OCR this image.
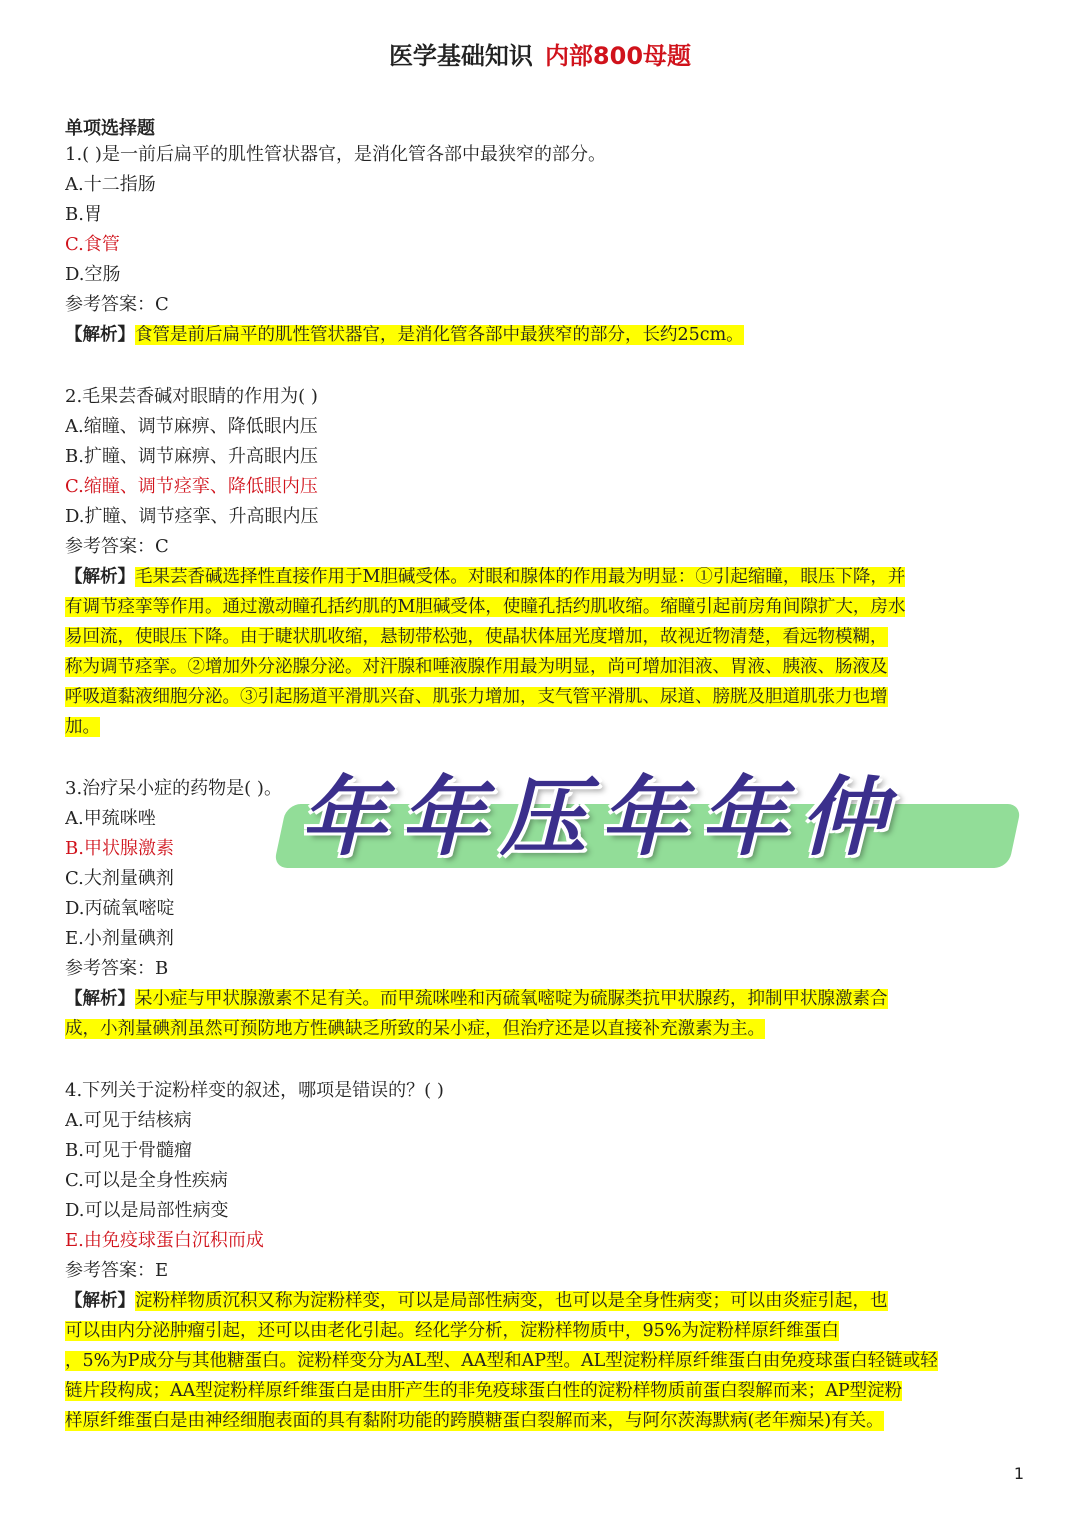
医学基础知识 内部800母题
单项选择题
1.( )是一前后扁平的肌性管状器官，是消化管各部中最狭窄的部分。
A.十二指肠
B.胃
C.食管
D.空肠
参考答案：C
【解析】食管是前后扁平的肌性管状器官，是消化管各部中最狭窄的部分，长约25cm。
2.毛果芸香碱对眼睛的作用为( )
A.缩瞳、调节麻痹、降低眼内压
B.扩瞳、调节麻痹、升高眼内压
C.缩瞳、调节痉挛、降低眼内压
D.扩瞳、调节痉挛、升高眼内压
参考答案：C
【解析】毛果芸香碱选择性直接作用于M胆碱受体。对眼和腺体的作用最为明显：①引起缩瞳，眼压下降，并
有调节痉挛等作用。通过激动瞳孔括约肌的M胆碱受体，使瞳孔括约肌收缩。缩瞳引起前房角间隙扩大，房水
易回流，使眼压下降。由于睫状肌收缩，悬韧带松弛，使晶状体屈光度增加，故视近物清楚，看远物模糊，
称为调节痉挛。②增加外分泌腺分泌。对汗腺和唾液腺作用最为明显，尚可增加泪液、胃液、胰液、肠液及
呼吸道黏液细胞分泌。③引起肠道平滑肌兴奋、肌张力增加，支气管平滑肌、尿道、膀胱及胆道肌张力也增
加。
3.治疗呆小症的药物是( )。
A.甲巯咪唑
B.甲状腺激素
C.大剂量碘剂
D.丙硫氧嘧啶
E.小剂量碘剂
参考答案：B
【解析】呆小症与甲状腺激素不足有关。而甲巯咪唑和丙硫氧嘧啶为硫脲类抗甲状腺药，抑制甲状腺激素合
成，小剂量碘剂虽然可预防地方性碘缺乏所致的呆小症，但治疗还是以直接补充激素为主。
4.下列关于淀粉样变的叙述，哪项是错误的？( )
A.可见于结核病
B.可见于骨髓瘤
C.可以是全身性疾病
D.可以是局部性病变
E.由免疫球蛋白沉积而成
参考答案：E
【解析】淀粉样物质沉积又称为淀粉样变，可以是局部性病变，也可以是全身性病变；可以由炎症引起，也
可以由内分泌肿瘤引起，还可以由老化引起。经化学分析，淀粉样物质中，95%为淀粉样原纤维蛋白
，5%为P成分与其他糖蛋白。淀粉样变分为AL型、AA型和AP型。AL型淀粉样原纤维蛋白由免疫球蛋白轻链或轻
链片段构成；AA型淀粉样原纤维蛋白是由肝产生的非免疫球蛋白性的淀粉样物质前蛋白裂解而来；AP型淀粉
样原纤维蛋白是由神经细胞表面的具有黏附功能的跨膜糖蛋白裂解而来，与阿尔茨海默病(老年痴呆)有关。
年年压年年仲
1
